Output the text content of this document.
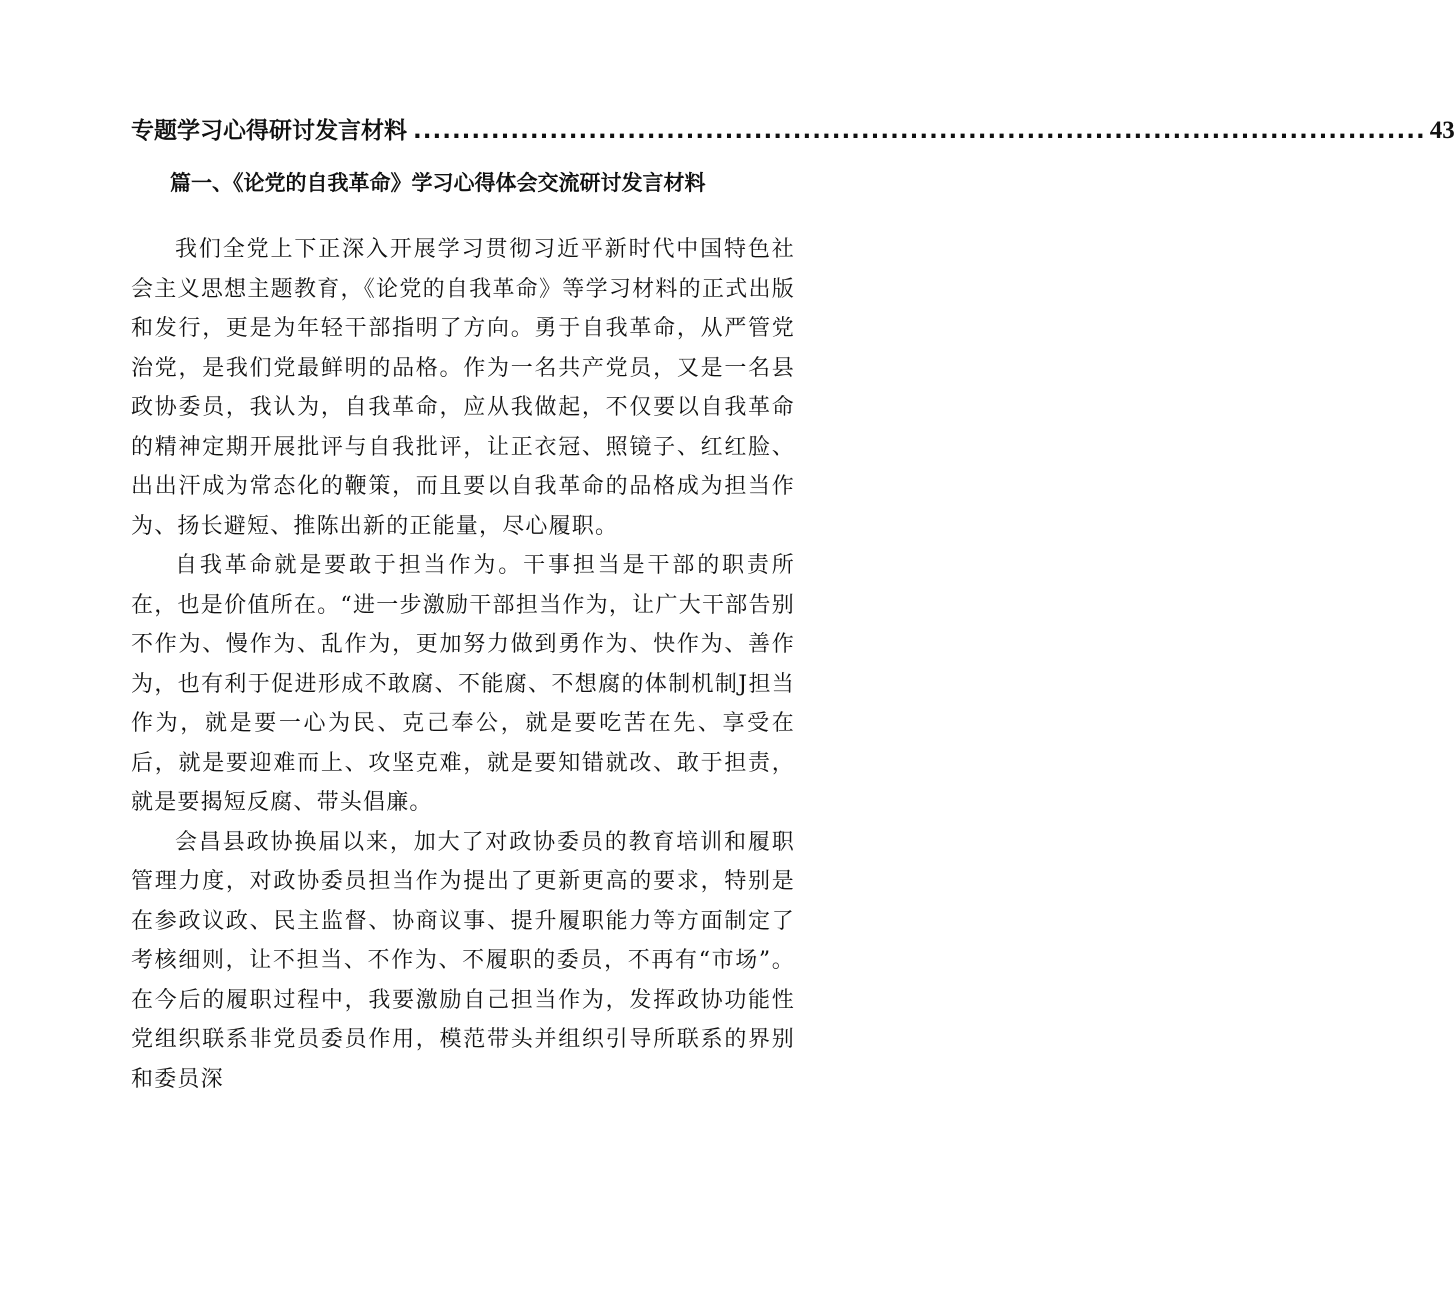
专题学习心得研讨发言材料 ........................................................................................................ 43
篇一、《论党的自我革命》学习心得体会交流研讨发言材料

我们全党上下正深入开展学习贯彻习近平新时代中国特色社会主义思想主题教育，《论党的自我革命》等学习材料的正式出版和发行，更是为年轻干部指明了方向。勇于自我革命，从严管党治党，是我们党最鲜明的品格。作为一名共产党员，又是一名县政协委员，我认为，自我革命，应从我做起，不仅要以自我革命的精神定期开展批评与自我批评，让正衣冠、照镜子、红红脸、出出汗成为常态化的鞭策，而且要以自我革命的品格成为担当作为、扬长避短、推陈出新的正能量，尽心履职。

自我革命就是要敢于担当作为。干事担当是干部的职责所在，也是价值所在。“进一步激励干部担当作为，让广大干部告别不作为、慢作为、乱作为，更加努力做到勇作为、快作为、善作为，也有利于促进形成不敢腐、不能腐、不想腐的体制机制J担当作为，就是要一心为民、克己奉公，就是要吃苦在先、享受在后，就是要迎难而上、攻坚克难，就是要知错就改、敢于担责，就是要揭短反腐、带头倡廉。

会昌县政协换届以来，加大了对政协委员的教育培训和履职管理力度，对政协委员担当作为提出了更新更高的要求，特别是在参政议政、民主监督、协商议事、提升履职能力等方面制定了考核细则，让不担当、不作为、不履职的委员，不再有“市场”。在今后的履职过程中，我要激励自己担当作为，发挥政协功能性党组织联系非党员委员作用，模范带头并组织引导所联系的界别和委员深
